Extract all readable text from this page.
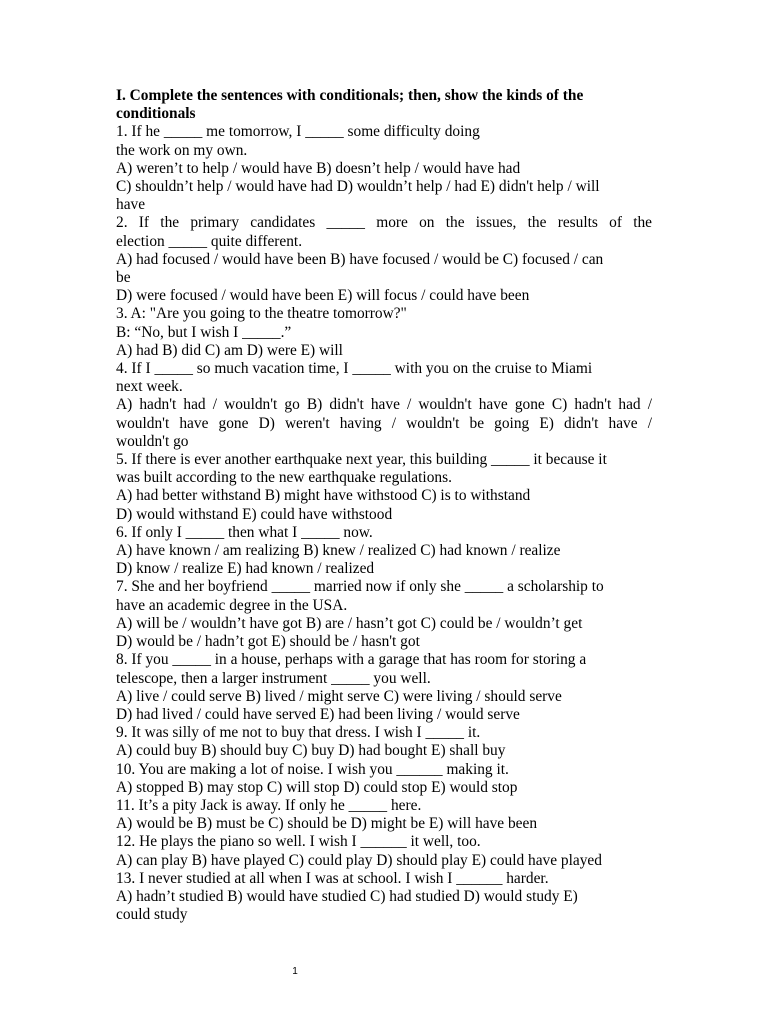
I. Complete the sentences with conditionals; then, show the kinds of the
conditionals
1. If he _____ me tomorrow, I _____ some difficulty doing
the work on my own.
A) weren’t to help / would have B) doesn’t help / would have had
C) shouldn’t help / would have had D) wouldn’t help / had E) didn't help / will
have
2. If the primary candidates _____ more on the issues, the results of the
election _____ quite different.
A) had focused / would have been B) have focused / would be C) focused / can
be
D) were focused / would have been E) will focus / could have been
3. A: "Are you going to the theatre tomorrow?"
B: “No, but I wish I _____.”
A) had B) did C) am D) were E) will
4. If I _____ so much vacation time, I _____ with you on the cruise to Miami
next week.
A) hadn't had / wouldn't go B) didn't have / wouldn't have gone C) hadn't had /
wouldn't have gone D) weren't having / wouldn't be going E) didn't have /
wouldn't go
5. If there is ever another earthquake next year, this building _____ it because it
was built according to the new earthquake regulations.
A) had better withstand B) might have withstood C) is to withstand
D) would withstand E) could have withstood
6. If only I _____ then what I _____ now.
A) have known / am realizing B) knew / realized C) had known / realize
D) know / realize E) had known / realized
7. She and her boyfriend _____ married now if only she _____ a scholarship to
have an academic degree in the USA.
A) will be / wouldn’t have got B) are / hasn’t got C) could be / wouldn’t get
D) would be / hadn’t got E) should be / hasn't got
8. If you _____ in a house, perhaps with a garage that has room for storing a
telescope, then a larger instrument _____ you well.
A) live / could serve B) lived / might serve C) were living / should serve
D) had lived / could have served E) had been living / would serve
9. It was silly of me not to buy that dress. I wish I _____ it.
A) could buy B) should buy C) buy D) had bought E) shall buy
10. You are making a lot of noise. I wish you ______ making it.
A) stopped B) may stop C) will stop D) could stop E) would stop
11. It’s a pity Jack is away. If only he _____ here.
A) would be B) must be C) should be D) might be E) will have been
12. He plays the piano so well. I wish I ______ it well, too.
A) can play B) have played C) could play D) should play E) could have played
13. I never studied at all when I was at school. I wish I ______ harder.
A) hadn’t studied B) would have studied C) had studied D) would study E)
could study
1
